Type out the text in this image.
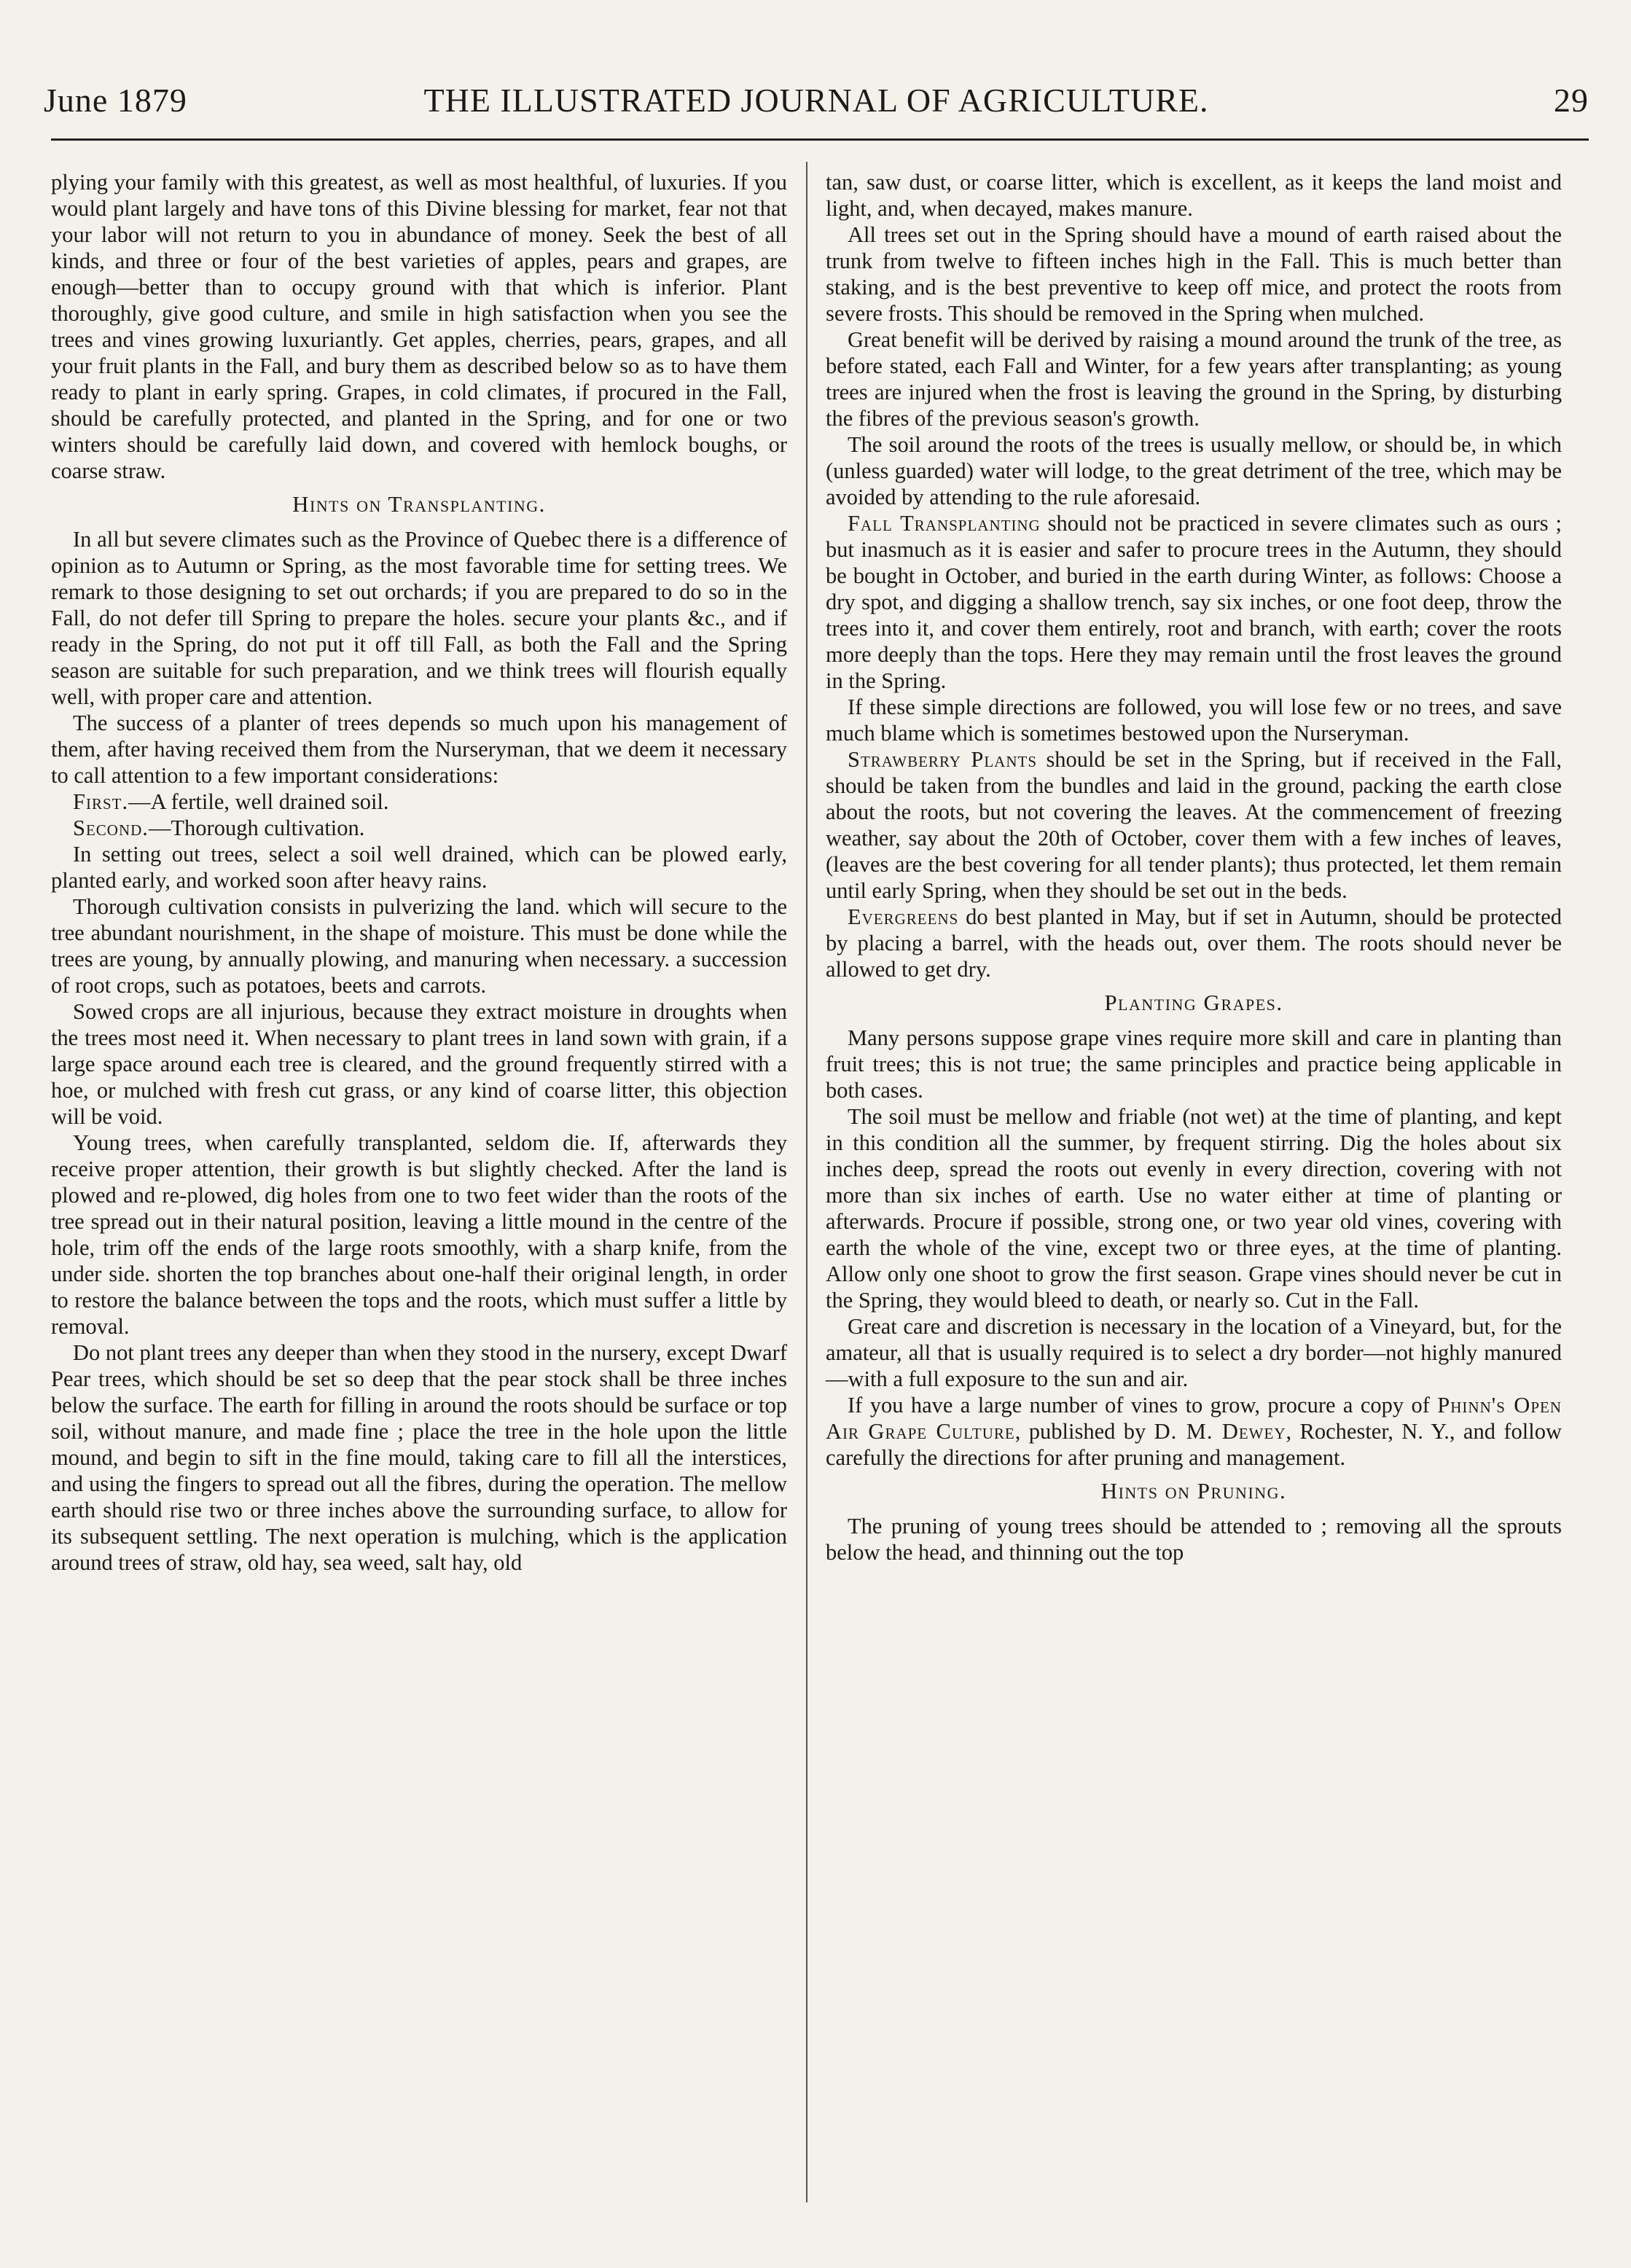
THE ILLUSTRATED JOURNAL OF AGRICULTURE.
June 1879	29

plying your family with this greatest, as well as most healthful, of luxuries. If you would plant largely and have tons of this Divine blessing for market, fear not that your labor will not return to you in abundance of money. Seek the best of all kinds, and three or four of the best varieties of apples, pears and grapes, are enough—better than to occupy ground with that which is inferior. Plant thoroughly, give good culture, and smile in high satisfaction when you see the trees and vines growing luxuriantly. Get apples, cherries, pears, grapes, and all your fruit plants in the Fall, and bury them as described below so as to have them ready to plant in early spring. Grapes, in cold climates, if procured in the Fall, should be carefully protected, and planted in the Spring, and for one or two winters should be carefully laid down, and covered with hemlock boughs, or coarse straw.

Hints on Transplanting.

In all but severe climates such as the Province of Quebec there is a difference of opinion as to Autumn or Spring, as the most favorable time for setting trees. We remark to those designing to set out orchards; if you are prepared to do so in the Fall, do not defer till Spring to prepare the holes. secure your plants &c., and if ready in the Spring, do not put it off till Fall, as both the Fall and the Spring season are suitable for such preparation, and we think trees will flourish equally well, with proper care and attention.

The success of a planter of trees depends so much upon his management of them, after having received them from the Nurseryman, that we deem it necessary to call attention to a few important considerations:

First.—A fertile, well drained soil.

Second.—Thorough cultivation.

In setting out trees, select a soil well drained, which can be plowed early, planted early, and worked soon after heavy rains.

Thorough cultivation consists in pulverizing the land. which will secure to the tree abundant nourishment, in the shape of moisture. This must be done while the trees are young, by annually plowing, and manuring when necessary. a succession of root crops, such as potatoes, beets and carrots.

Sowed crops are all injurious, because they extract moisture in droughts when the trees most need it. When necessary to plant trees in land sown with grain, if a large space around each tree is cleared, and the ground frequently stirred with a hoe, or mulched with fresh cut grass, or any kind of coarse litter, this objection will be void.

Young trees, when carefully transplanted, seldom die. If, afterwards they receive proper attention, their growth is but slightly checked. After the land is plowed and re-plowed, dig holes from one to two feet wider than the roots of the tree spread out in their natural position, leaving a little mound in the centre of the hole, trim off the ends of the large roots smoothly, with a sharp knife, from the under side. shorten the top branches about one-half their original length, in order to restore the balance between the tops and the roots, which must suffer a little by removal.

Do not plant trees any deeper than when they stood in the nursery, except Dwarf Pear trees, which should be set so deep that the pear stock shall be three inches below the surface. The earth for filling in around the roots should be surface or top soil, without manure, and made fine ; place the tree in the hole upon the little mound, and begin to sift in the fine mould, taking care to fill all the interstices, and using the fingers to spread out all the fibres, during the operation. The mellow earth should rise two or three inches above the surrounding surface, to allow for its subsequent settling. The next operation is mulching, which is the application around trees of straw, old hay, sea weed, salt hay, old

tan, saw dust, or coarse litter, which is excellent, as it keeps the land moist and light, and, when decayed, makes manure.

All trees set out in the Spring should have a mound of earth raised about the trunk from twelve to fifteen inches high in the Fall. This is much better than staking, and is the best preventive to keep off mice, and protect the roots from severe frosts. This should be removed in the Spring when mulched.

Great benefit will be derived by raising a mound around the trunk of the tree, as before stated, each Fall and Winter, for a few years after transplanting; as young trees are injured when the frost is leaving the ground in the Spring, by disturbing the fibres of the previous season's growth.

The soil around the roots of the trees is usually mellow, or should be, in which (unless guarded) water will lodge, to the great detriment of the tree, which may be avoided by attending to the rule aforesaid.

Fall Transplanting should not be practiced in severe climates such as ours ; but inasmuch as it is easier and safer to procure trees in the Autumn, they should be bought in October, and buried in the earth during Winter, as follows: Choose a dry spot, and digging a shallow trench, say six inches, or one foot deep, throw the trees into it, and cover them entirely, root and branch, with earth; cover the roots more deeply than the tops. Here they may remain until the frost leaves the ground in the Spring.

If these simple directions are followed, you will lose few or no trees, and save much blame which is sometimes bestowed upon the Nurseryman.

Strawberry Plants should be set in the Spring, but if received in the Fall, should be taken from the bundles and laid in the ground, packing the earth close about the roots, but not covering the leaves. At the commencement of freezing weather, say about the 20th of October, cover them with a few inches of leaves, (leaves are the best covering for all tender plants); thus protected, let them remain until early Spring, when they should be set out in the beds.

Evergreens do best planted in May, but if set in Autumn, should be protected by placing a barrel, with the heads out, over them. The roots should never be allowed to get dry.

Planting Grapes.

Many persons suppose grape vines require more skill and care in planting than fruit trees; this is not true; the same principles and practice being applicable in both cases.

The soil must be mellow and friable (not wet) at the time of planting, and kept in this condition all the summer, by frequent stirring. Dig the holes about six inches deep, spread the roots out evenly in every direction, covering with not more than six inches of earth. Use no water either at time of planting or afterwards. Procure if possible, strong one, or two year old vines, covering with earth the whole of the vine, except two or three eyes, at the time of planting. Allow only one shoot to grow the first season. Grape vines should never be cut in the Spring, they would bleed to death, or nearly so. Cut in the Fall.

Great care and discretion is necessary in the location of a Vineyard, but, for the amateur, all that is usually required is to select a dry border—not highly manured—with a full exposure to the sun and air.

If you have a large number of vines to grow, procure a copy of Phinn's Open Air Grape Culture, published by D. M. Dewey, Rochester, N. Y., and follow carefully the directions for after pruning and management.

Hints on Pruning.

The pruning of young trees should be attended to ; removing all the sprouts below the head, and thinning out the top
